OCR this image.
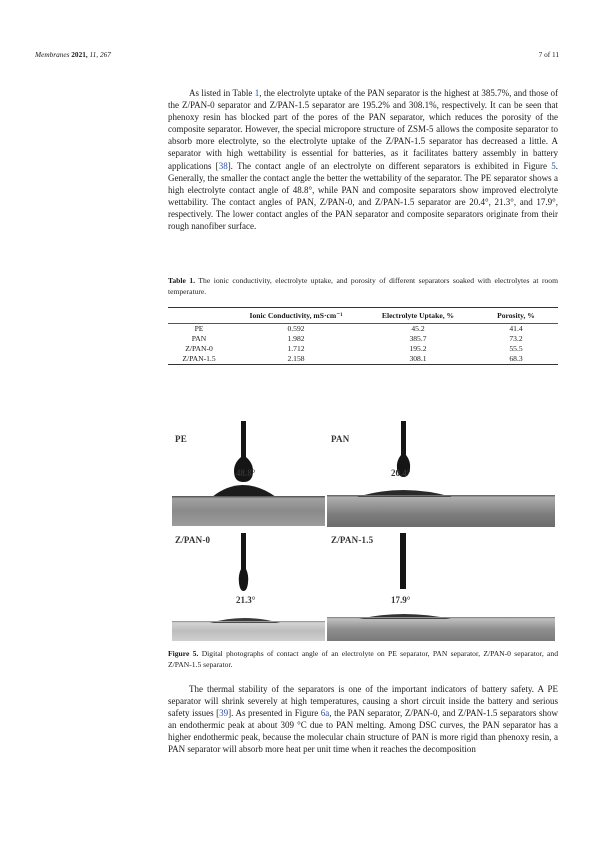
Membranes 2021, 11, 267	7 of 11

As listed in Table 1, the electrolyte uptake of the PAN separator is the highest at 385.7%, and those of the Z/PAN-0 separator and Z/PAN-1.5 separator are 195.2% and 308.1%, respectively. It can be seen that phenoxy resin has blocked part of the pores of the PAN separator, which reduces the porosity of the composite separator. However, the special micropore structure of ZSM-5 allows the composite separator to absorb more electrolyte, so the electrolyte uptake of the Z/PAN-1.5 separator has decreased a little. A separator with high wettability is essential for batteries, as it facilitates battery assembly in battery applications [38]. The contact angle of an electrolyte on different separators is exhibited in Figure 5. Generally, the smaller the contact angle the better the wettability of the separator. The PE separator shows a high electrolyte contact angle of 48.8°, while PAN and composite separators show improved electrolyte wettability. The contact angles of PAN, Z/PAN-0, and Z/PAN-1.5 separator are 20.4°, 21.3°, and 17.9°, respectively. The lower contact angles of the PAN separator and composite separators originate from their rough nanofiber surface.

Table 1. The ionic conductivity, electrolyte uptake, and porosity of different separators soaked with electrolytes at room temperature.
	Ionic Conductivity, mS·cm⁻¹	Electrolyte Uptake, %	Porosity, %
PE	0.592	45.2	41.4
PAN	1.982	385.7	73.2
Z/PAN-0	1.712	195.2	55.5
Z/PAN-1.5	2.158	308.1	68.3
PE
48.8°
PAN
20.4°
Z/PAN-0
21.3°
Z/PAN-1.5
17.9°
Figure 5. Digital photographs of contact angle of an electrolyte on PE separator, PAN separator, Z/PAN-0 separator, and Z/PAN-1.5 separator.

The thermal stability of the separators is one of the important indicators of battery safety. A PE separator will shrink severely at high temperatures, causing a short circuit inside the battery and serious safety issues [39]. As presented in Figure 6a, the PAN separator, Z/PAN-0, and Z/PAN-1.5 separators show an endothermic peak at about 309 °C due to PAN melting. Among DSC curves, the PAN separator has a higher endothermic peak, because the molecular chain structure of PAN is more rigid than phenoxy resin, a PAN separator will absorb more heat per unit time when it reaches the decomposition
